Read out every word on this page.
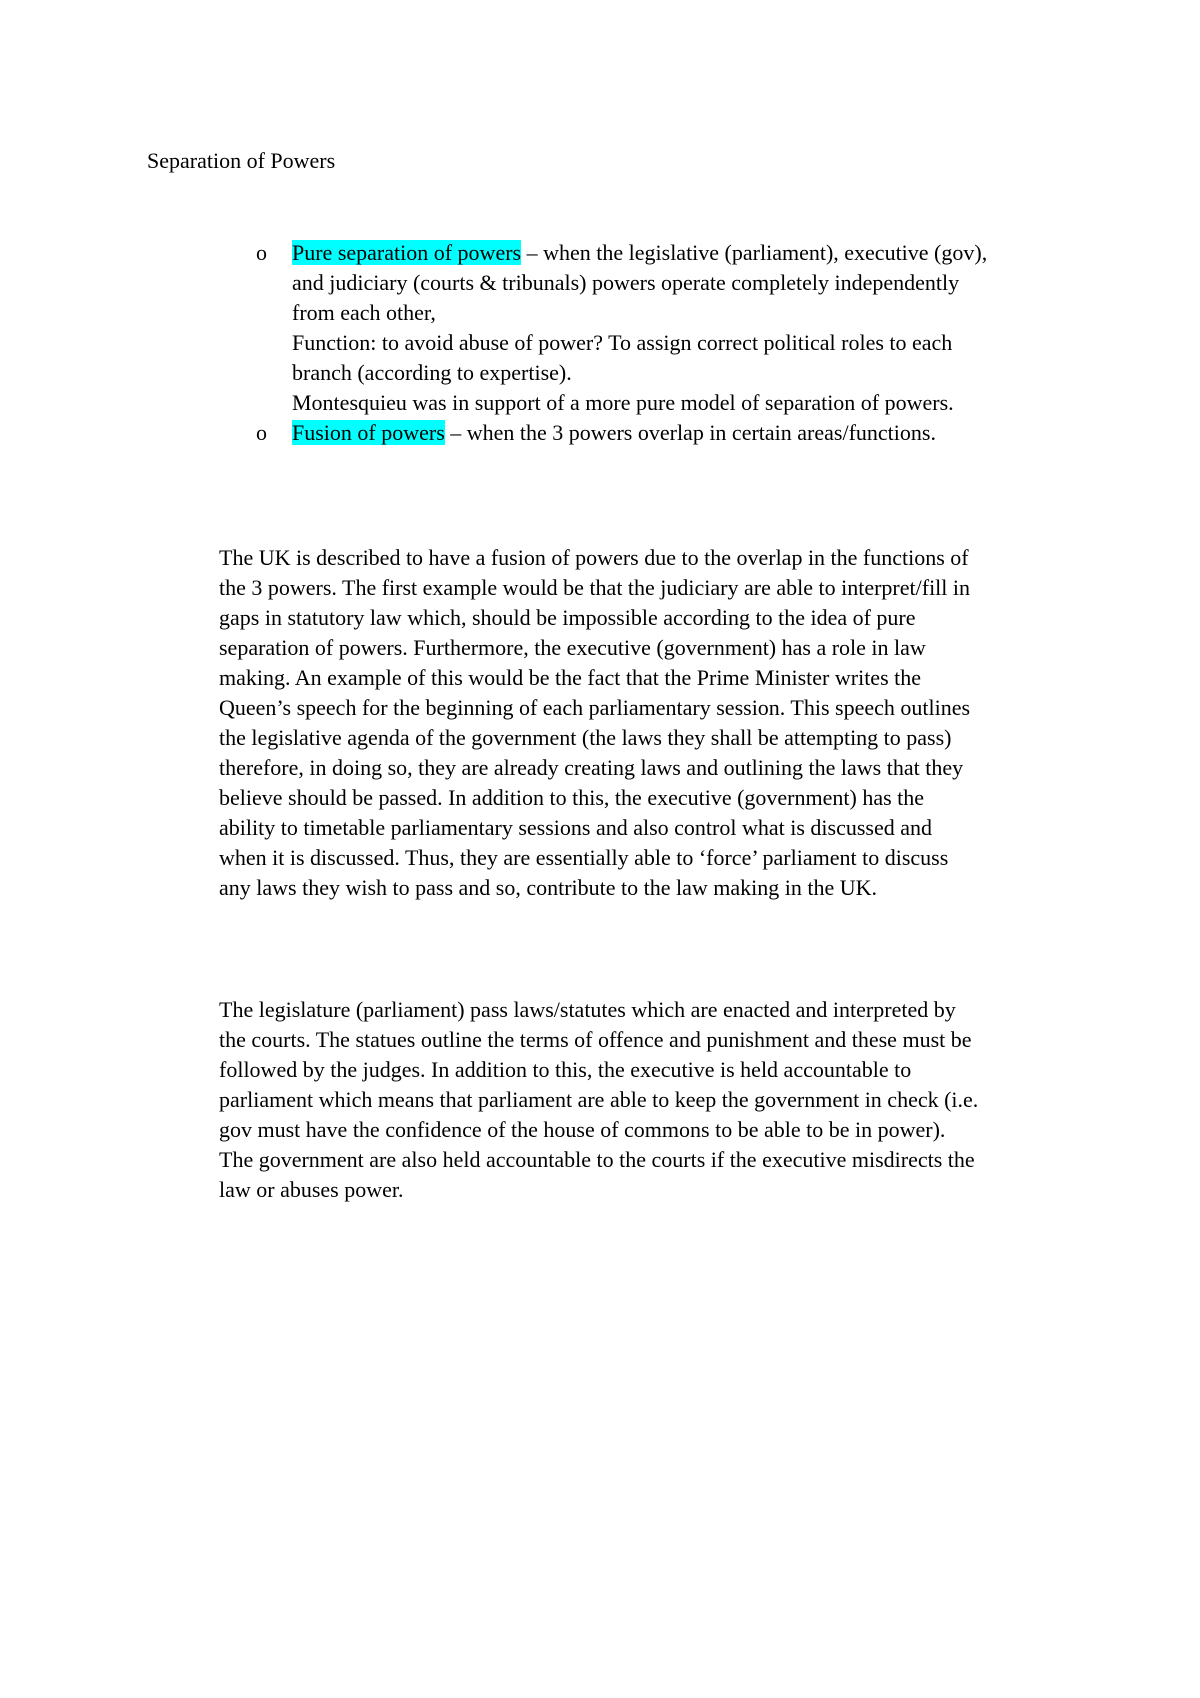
Separation of Powers
o	Pure separation of powers – when the legislative (parliament), executive (gov),
and judiciary (courts & tribunals) powers operate completely independently
from each other,
Function: to avoid abuse of power? To assign correct political roles to each
branch (according to expertise).
Montesquieu was in support of a more pure model of separation of powers.
o	Fusion of powers – when the 3 powers overlap in certain areas/functions.

The UK is described to have a fusion of powers due to the overlap in the functions of
the 3 powers. The first example would be that the judiciary are able to interpret/fill in
gaps in statutory law which, should be impossible according to the idea of pure
separation of powers. Furthermore, the executive (government) has a role in law
making. An example of this would be the fact that the Prime Minister writes the
Queen’s speech for the beginning of each parliamentary session. This speech outlines
the legislative agenda of the government (the laws they shall be attempting to pass)
therefore, in doing so, they are already creating laws and outlining the laws that they
believe should be passed. In addition to this, the executive (government) has the
ability to timetable parliamentary sessions and also control what is discussed and
when it is discussed. Thus, they are essentially able to ‘force’ parliament to discuss
any laws they wish to pass and so, contribute to the law making in the UK.

The legislature (parliament) pass laws/statutes which are enacted and interpreted by
the courts. The statues outline the terms of offence and punishment and these must be
followed by the judges. In addition to this, the executive is held accountable to
parliament which means that parliament are able to keep the government in check (i.e.
gov must have the confidence of the house of commons to be able to be in power).
The government are also held accountable to the courts if the executive misdirects the
law or abuses power.
